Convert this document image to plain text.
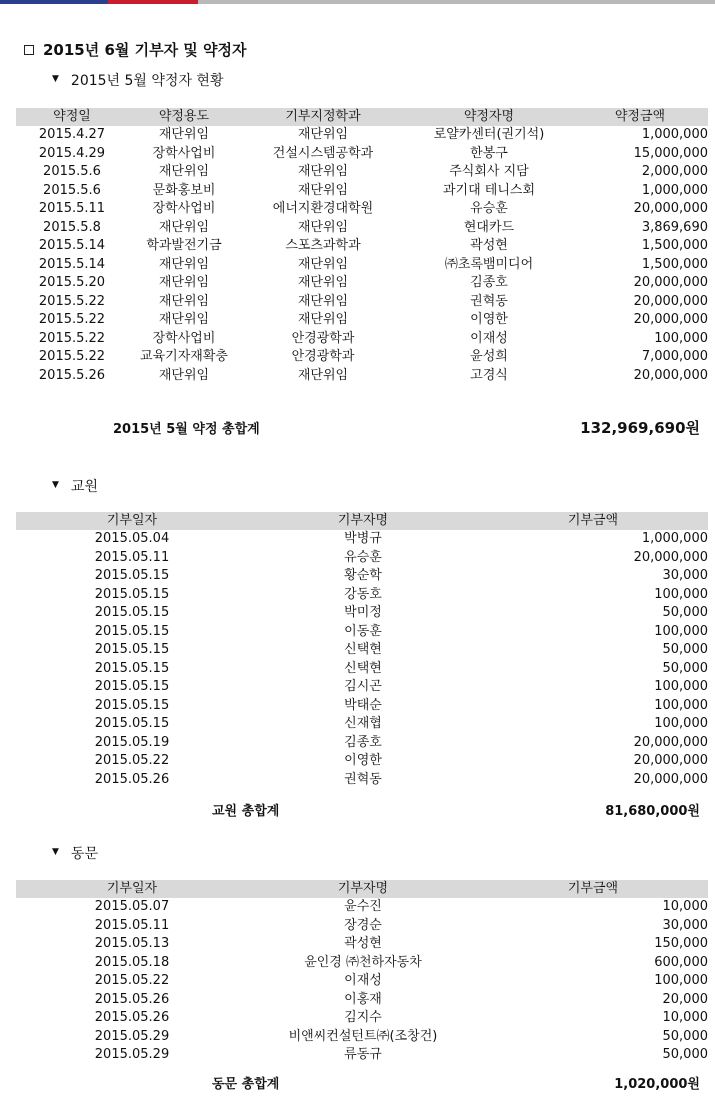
2015년 6월 기부자 및 약정자
▼ 2015년 5월 약정자 현황
약정일	약정용도	기부지정학과	약정자명	약정금액
2015.4.27	재단위임	재단위임	로얄카센터(권기석)	1,000,000
2015.4.29	장학사업비	건설시스템공학과	한봉구	15,000,000
2015.5.6	재단위임	재단위임	주식회사 지담	2,000,000
2015.5.6	문화홍보비	재단위임	과기대 테니스회	1,000,000
2015.5.11	장학사업비	에너지환경대학원	유승훈	20,000,000
2015.5.8	재단위임	재단위임	현대카드	3,869,690
2015.5.14	학과발전기금	스포츠과학과	곽성현	1,500,000
2015.5.14	재단위임	재단위임	㈜초록뱀미디어	1,500,000
2015.5.20	재단위임	재단위임	김종호	20,000,000
2015.5.22	재단위임	재단위임	권혁동	20,000,000
2015.5.22	재단위임	재단위임	이영한	20,000,000
2015.5.22	장학사업비	안경광학과	이재성	100,000
2015.5.22	교육기자재확충	안경광학과	윤성희	7,000,000
2015.5.26	재단위임	재단위임	고경식	20,000,000
2015년 5월 약정 총합계	132,969,690원
▼ 교원
기부일자	기부자명	기부금액
2015.05.04	박병규	1,000,000
2015.05.11	유승훈	20,000,000
2015.05.15	황순학	30,000
2015.05.15	강동호	100,000
2015.05.15	박미정	50,000
2015.05.15	이동훈	100,000
2015.05.15	신택현	50,000
2015.05.15	신택현	50,000
2015.05.15	김시곤	100,000
2015.05.15	박태순	100,000
2015.05.15	신재협	100,000
2015.05.19	김종호	20,000,000
2015.05.22	이영한	20,000,000
2015.05.26	권혁동	20,000,000
교원 총합계	81,680,000원
▼ 동문
기부일자	기부자명	기부금액
2015.05.07	윤수진	10,000
2015.05.11	장경순	30,000
2015.05.13	곽성현	150,000
2015.05.18	윤인경 ㈜천하자동차	600,000
2015.05.22	이재성	100,000
2015.05.26	이홍재	20,000
2015.05.26	김지수	10,000
2015.05.29	비앤씨컨설턴트㈜(조창건)	50,000
2015.05.29	류동규	50,000
동문 총합계	1,020,000원
